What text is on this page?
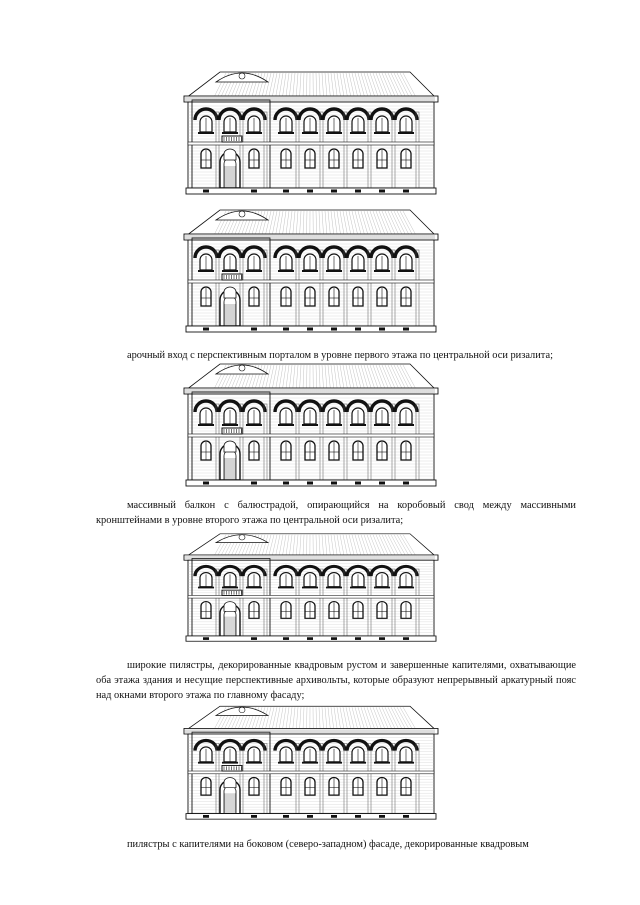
арочный вход с перспективным порталом в уровне первого этажа по центральной оси ризалита;

массивный балкон с балюстрадой, опирающийся на коробовый свод между массивными кронштейнами в уровне второго этажа по центральной оси ризалита;

широкие пилястры, декорированные квадровым рустом и завершенные капителями, охватывающие оба этажа здания и несущие перспективные архивольты, которые образуют непрерывный аркатурный пояс над окнами второго этажа по главному фасаду;

пилястры с капителями на боковом (северо-западном) фасаде, декорированные квадровым
